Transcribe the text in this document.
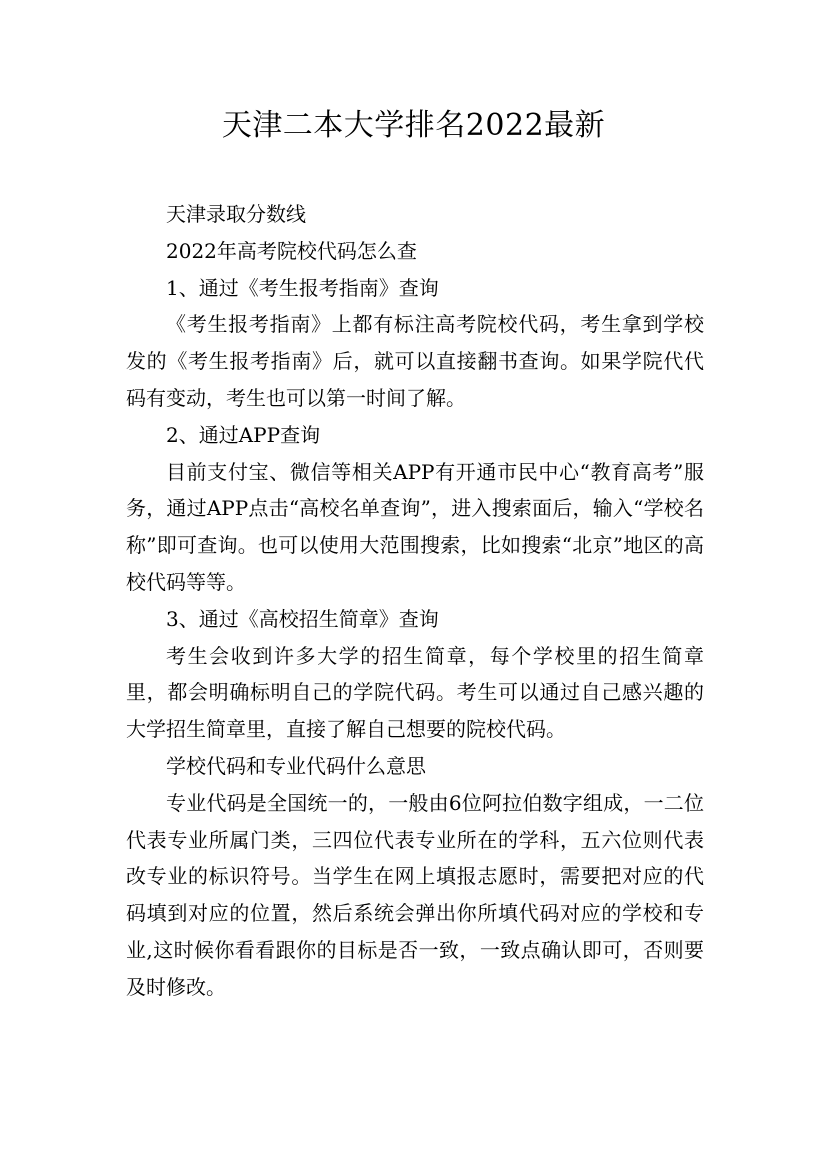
天津二本大学排名2022最新

天津录取分数线

2022年高考院校代码怎么查

1、通过《考生报考指南》查询

《考生报考指南》上都有标注高考院校代码，考生拿到学校发的《考生报考指南》后，就可以直接翻书查询。如果学院代代码有变动，考生也可以第一时间了解。

2、通过APP查询

目前支付宝、微信等相关APP有开通市民中心“教育高考”服务，通过APP点击“高校名单查询”，进入搜索面后，输入“学校名称”即可查询。也可以使用大范围搜索，比如搜索“北京”地区的高校代码等等。

3、通过《高校招生简章》查询

考生会收到许多大学的招生简章，每个学校里的招生简章里，都会明确标明自己的学院代码。考生可以通过自己感兴趣的大学招生简章里，直接了解自己想要的院校代码。

学校代码和专业代码什么意思

专业代码是全国统一的，一般由6位阿拉伯数字组成，一二位代表专业所属门类，三四位代表专业所在的学科，五六位则代表改专业的标识符号。当学生在网上填报志愿时，需要把对应的代码填到对应的位置，然后系统会弹出你所填代码对应的学校和专业,这时候你看看跟你的目标是否一致，一致点确认即可，否则要及时修改。
